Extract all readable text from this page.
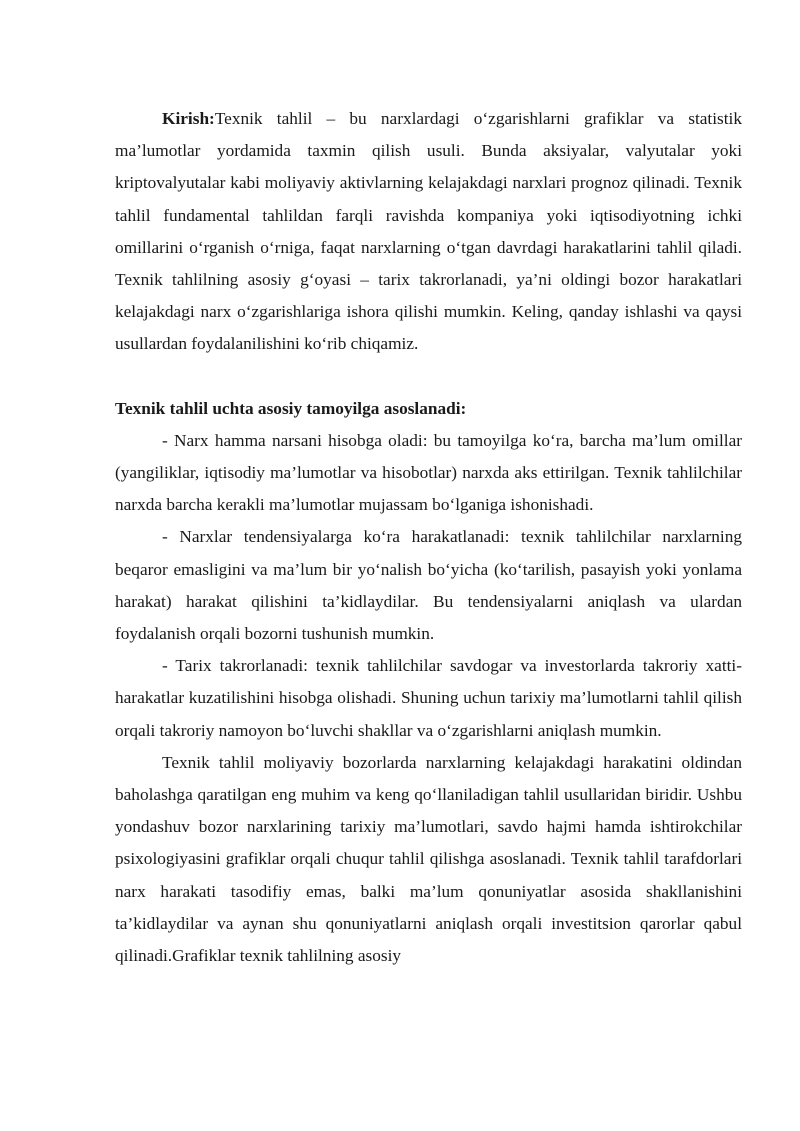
Kirish:Texnik tahlil – bu narxlardagi o‘zgarishlarni grafiklar va statistik ma’lumotlar yordamida taxmin qilish usuli. Bunda aksiyalar, valyutalar yoki kriptovalyutalar kabi moliyaviy aktivlarning kelajakdagi narxlari prognoz qilinadi. Texnik tahlil fundamental tahlildan farqli ravishda kompaniya yoki iqtisodiyotning ichki omillarini o‘rganish o‘rniga, faqat narxlarning o‘tgan davrdagi harakatlarini tahlil qiladi. Texnik tahlilning asosiy g‘oyasi – tarix takrorlanadi, ya’ni oldingi bozor harakatlari kelajakdagi narx o‘zgarishlariga ishora qilishi mumkin. Keling, qanday ishlashi va qaysi usullardan foydalanilishini ko‘rib chiqamiz.

Texnik tahlil uchta asosiy tamoyilga asoslanadi:

- Narx hamma narsani hisobga oladi: bu tamoyilga ko‘ra, barcha ma’lum omillar (yangiliklar, iqtisodiy ma’lumotlar va hisobotlar) narxda aks ettirilgan. Texnik tahlilchilar narxda barcha kerakli ma’lumotlar mujassam bo‘lganiga ishonishadi.

- Narxlar tendensiyalarga ko‘ra harakatlanadi: texnik tahlilchilar narxlarning beqaror emasligini va ma’lum bir yo‘nalish bo‘yicha (ko‘tarilish, pasayish yoki yonlama harakat) harakat qilishini ta’kidlaydilar. Bu tendensiyalarni aniqlash va ulardan foydalanish orqali bozorni tushunish mumkin.

- Tarix takrorlanadi: texnik tahlilchilar savdogar va investorlarda takroriy xatti-harakatlar kuzatilishini hisobga olishadi. Shuning uchun tarixiy ma’lumotlarni tahlil qilish orqali takroriy namoyon bo‘luvchi shakllar va o‘zgarishlarni aniqlash mumkin.

Texnik tahlil moliyaviy bozorlarda narxlarning kelajakdagi harakatini oldindan baholashga qaratilgan eng muhim va keng qo‘llaniladigan tahlil usullaridan biridir. Ushbu yondashuv bozor narxlarining tarixiy ma’lumotlari, savdo hajmi hamda ishtirokchilar psixologiyasini grafiklar orqali chuqur tahlil qilishga asoslanadi. Texnik tahlil tarafdorlari narx harakati tasodifiy emas, balki ma’lum qonuniyatlar asosida shakllanishini ta’kidlaydilar va aynan shu qonuniyatlarni aniqlash orqali investitsion qarorlar qabul qilinadi.Grafiklar texnik tahlilning asosiy
